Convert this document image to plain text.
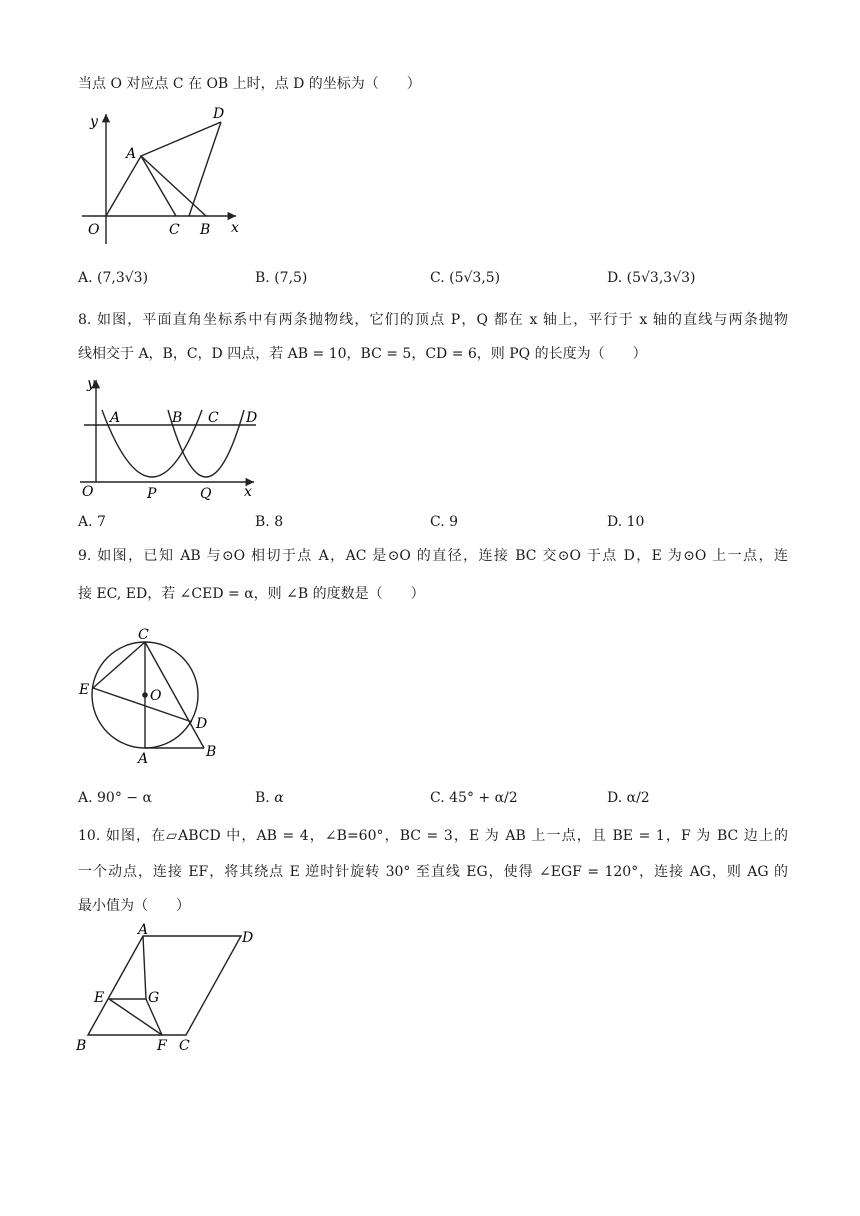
当点 O 对应点 C 在 OB 上时，点 D 的坐标为（　　）
y
x
O
A
C B
D
A. (7,3√3)	B. (7,5)	C. (5√3,5)	D. (5√3,3√3)
8. 如图，平面直角坐标系中有两条抛物线，它们的顶点 P，Q 都在 x 轴上，平行于 x 轴的直线与两条抛物
线相交于 A，B，C，D 四点，若 AB = 10，BC = 5，CD = 6，则 PQ 的长度为（　　）
y
x
O
A	B C D
P	Q
A. 7	B. 8	C. 9	D. 10
9. 如图，已知 AB 与⊙O 相切于点 A，AC 是⊙O 的直径，连接 BC 交⊙O 于点 D，E 为⊙O 上一点，连
接 EC, ED，若 ∠CED = α，则 ∠B 的度数是（　　）
C
E	O
D
A	B
A. 90° − α	B. α	C. 45° + α/2	D. α/2
10. 如图，在▱ABCD 中，AB = 4，∠B=60°，BC = 3，E 为 AB 上一点，且 BE = 1，F 为 BC 边上的
一个动点，连接 EF，将其绕点 E 逆时针旋转 30° 至直线 EG，使得 ∠EGF = 120°，连接 AG，则 AG 的
最小值为（　　）
A	D
E	G
B	F C
